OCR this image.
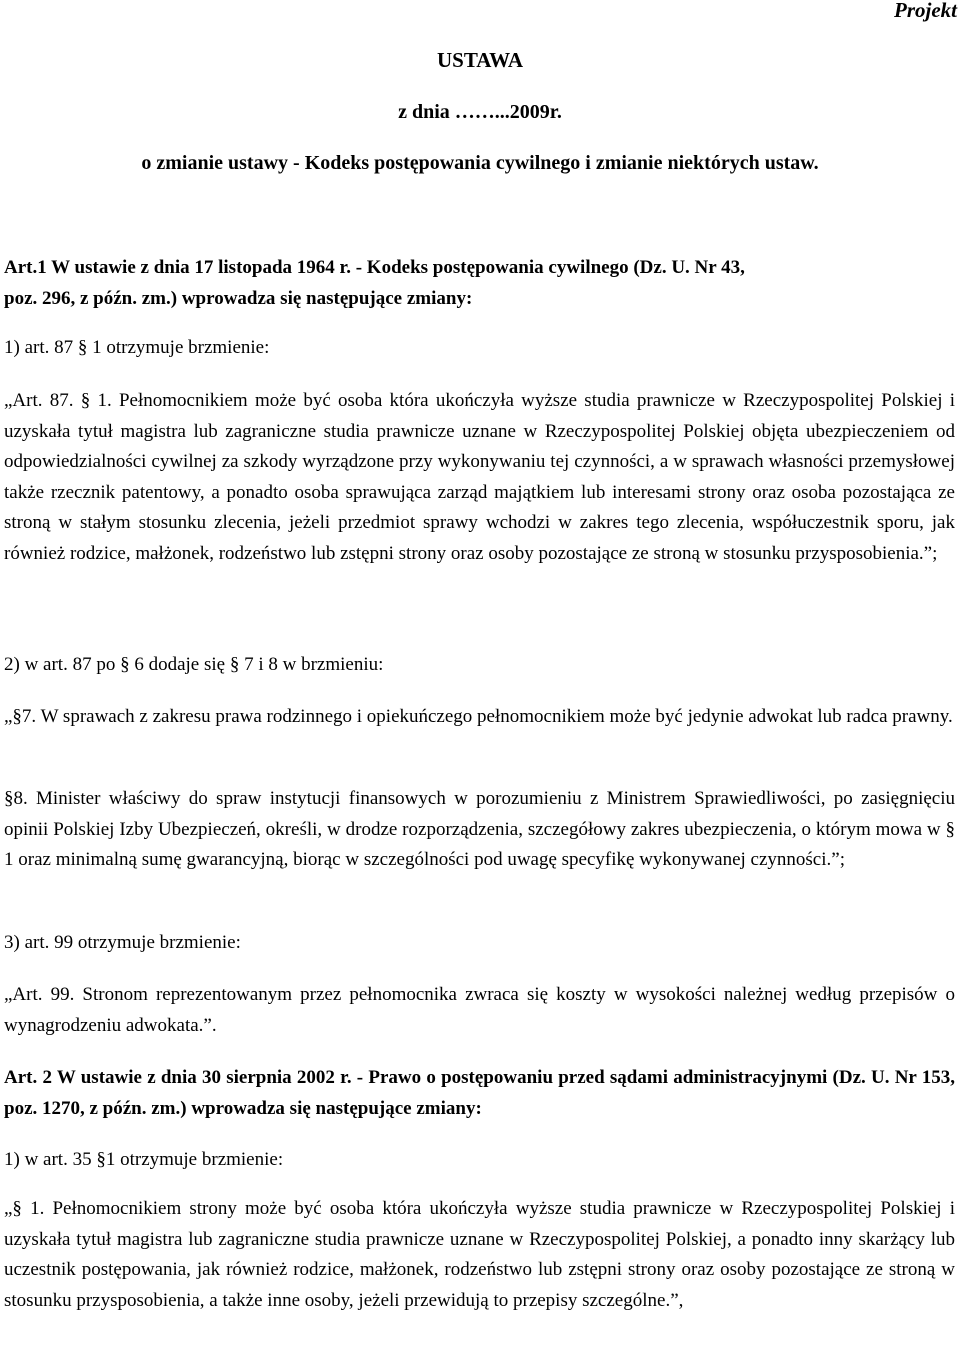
Projekt
USTAWA
z dnia ……...2009r.
o zmianie ustawy - Kodeks postępowania cywilnego i zmianie niektórych ustaw.
Art.1 W ustawie z dnia 17 listopada 1964 r. - Kodeks postępowania cywilnego (Dz. U. Nr 43,
poz. 296, z późn. zm.) wprowadza się następujące zmiany:
1) art. 87 § 1 otrzymuje brzmienie:
„Art. 87. § 1. Pełnomocnikiem może być osoba która ukończyła wyższe studia prawnicze w Rzeczypospolitej Polskiej i uzyskała tytuł magistra lub zagraniczne studia prawnicze uznane w Rzeczypospolitej Polskiej objęta ubezpieczeniem od odpowiedzialności cywilnej za szkody wyrządzone przy wykonywaniu tej czynności, a w sprawach własności przemysłowej także rzecznik patentowy, a ponadto osoba sprawująca zarząd majątkiem lub interesami strony oraz osoba pozostająca ze stroną w stałym stosunku zlecenia, jeżeli przedmiot sprawy wchodzi w zakres tego zlecenia, współuczestnik sporu, jak również rodzice, małżonek, rodzeństwo lub zstępni strony oraz osoby pozostające ze stroną w stosunku przysposobienia.”;
2) w art. 87 po § 6 dodaje się § 7 i 8 w brzmieniu:
„§7. W sprawach z zakresu prawa rodzinnego i opiekuńczego pełnomocnikiem może być jedynie adwokat lub radca prawny.
§8. Minister właściwy do spraw instytucji finansowych w porozumieniu z Ministrem Sprawiedliwości, po zasięgnięciu opinii Polskiej Izby Ubezpieczeń, określi, w drodze rozporządzenia, szczegółowy zakres ubezpieczenia, o którym mowa w § 1 oraz minimalną sumę gwarancyjną, biorąc w szczególności pod uwagę specyfikę wykonywanej czynności.”;
3) art. 99 otrzymuje brzmienie:
„Art. 99. Stronom reprezentowanym przez pełnomocnika zwraca się koszty w wysokości należnej według przepisów o wynagrodzeniu adwokata.”.
Art. 2 W ustawie z dnia 30 sierpnia 2002 r. - Prawo o postępowaniu przed sądami administracyjnymi (Dz. U. Nr 153, poz. 1270, z późn. zm.) wprowadza się następujące zmiany:
1) w art. 35 §1 otrzymuje brzmienie:
„§ 1. Pełnomocnikiem strony może być osoba która ukończyła wyższe studia prawnicze w Rzeczypospolitej Polskiej i uzyskała tytuł magistra lub zagraniczne studia prawnicze uznane w Rzeczypospolitej Polskiej, a ponadto inny skarżący lub uczestnik postępowania, jak również rodzice, małżonek, rodzeństwo lub zstępni strony oraz osoby pozostające ze stroną w stosunku przysposobienia, a także inne osoby, jeżeli przewidują to przepisy szczególne.”,
